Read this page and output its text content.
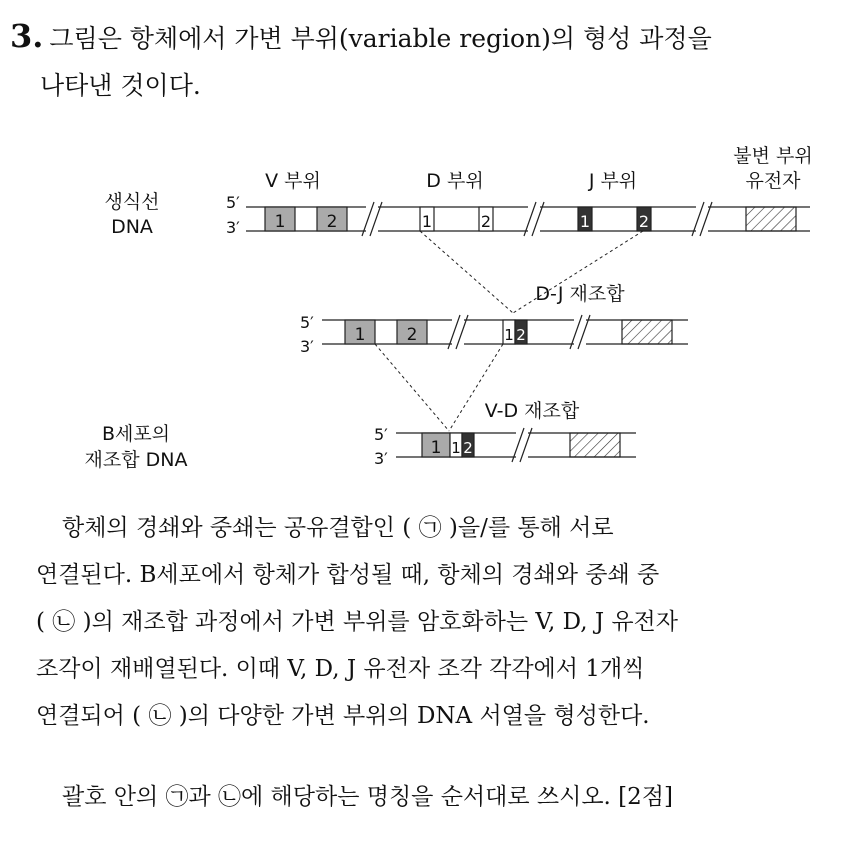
3. 그림은 항체에서 가변 부위(variable region)의 형성 과정을
나타낸 것이다.
생식선
DNA
5′
3′
V 부위	D 부위	J 부위
불변 부위
유전자
1 2	1	2	1	2
D-J 재조합
5′
3′
1 2	1 2
V-D 재조합
B세포의
재조합 DNA
5′
3′
1 1 2
항체의 경쇄와 중쇄는 공유결합인 ( ㉠ )을/를 통해 서로
연결된다. B세포에서 항체가 합성될 때, 항체의 경쇄와 중쇄 중
( ㉡ )의 재조합 과정에서 가변 부위를 암호화하는 V, D, J 유전자
조각이 재배열된다. 이때 V, D, J 유전자 조각 각각에서 1개씩
연결되어 ( ㉡ )의 다양한 가변 부위의 DNA 서열을 형성한다.
괄호 안의 ㉠과 ㉡에 해당하는 명칭을 순서대로 쓰시오. [2점]
